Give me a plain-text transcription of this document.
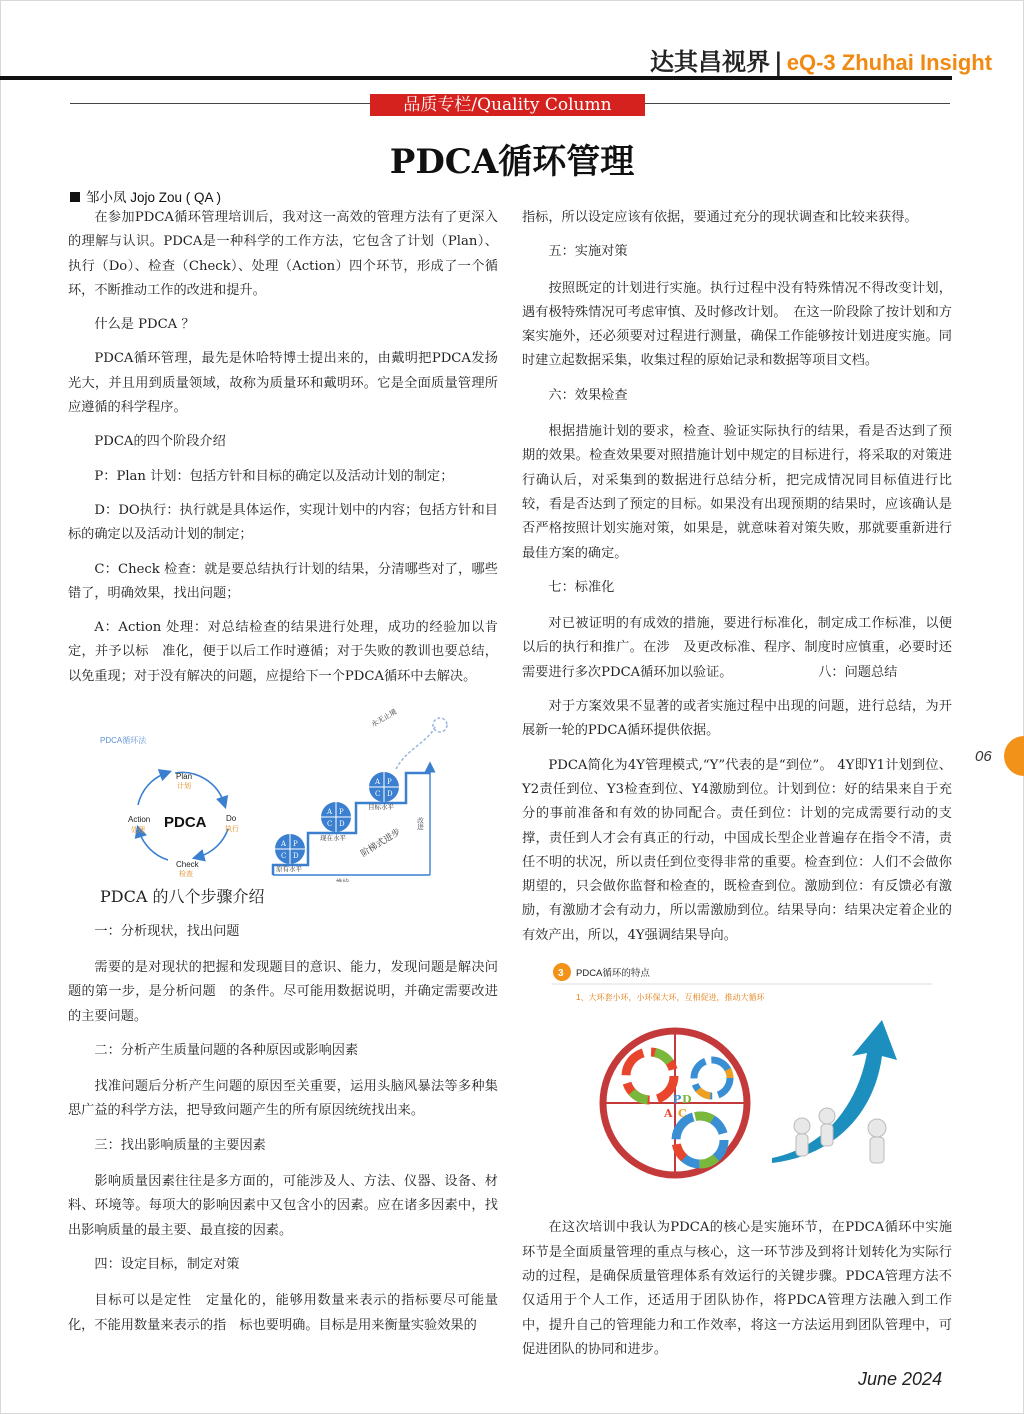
达其昌视界 | eQ-3 Zhuhai Insight
品质专栏/Quality Column
PDCA循环管理
邹小凤 Jojo Zou ( QA )

在参加PDCA循环管理培训后，我对这一高效的管理方法有了更深入的理解与认识。PDCA是一种科学的工作方法，它包含了计划（Plan）、执行（Do）、检查（Check）、处理（Action）四个环节，形成了一个循环，不断推动工作的改进和提升。

什么是 PDCA ？

PDCA循环管理，最先是休哈特博士提出来的，由戴明把PDCA发扬光大，并且用到质量领域，故称为质量环和戴明环。它是全面质量管理所应遵循的科学程序。

PDCA的四个阶段介绍

P：Plan 计划：包括方针和目标的确定以及活动计划的制定；

D：DO执行：执行就是具体运作，实现计划中的内容；包括方针和目标的确定以及活动计划的制定；

C：Check 检查：就是要总结执行计划的结果，分清哪些对了，哪些错了，明确效果，找出问题；

A：Action 处理：对总结检查的结果进行处理，成功的经验加以肯定，并予以标　准化，便于以后工作时遵循；对于失败的教训也要总结，以免重现；对于没有解决的问题，应提给下一个PDCA循环中去解决。

PDCA循环法
PDCA
Plan
计划
Do
执行
Check
检查
Action
处理
A P
C D
A P
C D
A P
C D
永无止境
目标水平
现在水平
原有水平
阶梯式进步
改进
维持

PDCA 的八个步骤介绍

一：分析现状，找出问题

需要的是对现状的把握和发现题目的意识、能力，发现问题是解决问题的第一步，是分析问题　的条件。尽可能用数据说明，并确定需要改进的主要问题。

二：分析产生质量问题的各种原因或影响因素

找准问题后分析产生问题的原因至关重要，运用头脑风暴法等多种集思广益的科学方法，把导致问题产生的所有原因统统找出来。

三：找出影响质量的主要因素

影响质量因素往往是多方面的，可能涉及人、方法、仪器、设备、材料、环境等。每项大的影响因素中又包含小的因素。应在诸多因素中，找出影响质量的最主要、最直接的因素。

四：设定目标，制定对策

目标可以是定性　定量化的，能够用数量来表示的指标要尽可能量化，不能用数量来表示的指　标也要明确。目标是用来衡量实验效果的

指标，所以设定应该有依据，要通过充分的现状调查和比较来获得。

五：实施对策

按照既定的计划进行实施。执行过程中没有特殊情况不得改变计划，遇有极特殊情况可考虑审慎、及时修改计划。　在这一阶段除了按计划和方案实施外，还必须要对过程进行测量，确保工作能够按计划进度实施。同时建立起数据采集，收集过程的原始记录和数据等项目文档。

六：效果检查

根据措施计划的要求，检查、验证实际执行的结果，看是否达到了预期的效果。检查效果要对照措施计划中规定的目标进行，将采取的对策进行确认后，对采集到的数据进行总结分析，把完成情况同目标值进行比较，看是否达到了预定的目标。如果没有出现预期的结果时，应该确认是否严格按照计划实施对策，如果是，就意味着对策失败，那就要重新进行最佳方案的确定。

七：标准化

对已被证明的有成效的措施，要进行标准化，制定成工作标准，以便以后的执行和推广。在涉　及更改标准、程序、制度时应慎重，必要时还需要进行多次PDCA循环加以验证。　　　　　　　八：问题总结

对于方案效果不显著的或者实施过程中出现的问题，进行总结，为开展新一轮的PDCA循环提供依据。

PDCA简化为4Y管理模式,“Y”代表的是“到位”。 4Y即Y1计划到位、Y2责任到位、Y3检查到位、Y4激励到位。计划到位：好的结果来自于充分的事前准备和有效的协同配合。责任到位：计划的完成需要行动的支撑，责任到人才会有真正的行动，中国成长型企业普遍存在指令不清，责任不明的状况，所以责任到位变得非常的重要。检查到位：人们不会做你期望的，只会做你监督和检查的，既检查到位。激励到位：有反馈必有激励，有激励才会有动力，所以需激励到位。结果导向：结果决定着企业的有效产出，所以，4Y强调结果导向。

3 PDCA循环的特点
1、大环套小环，小环保大环，互相促进，推动大循环
P D
A C

在这次培训中我认为PDCA的核心是实施环节，在PDCA循环中实施环节是全面质量管理的重点与核心，这一环节涉及到将计划转化为实际行动的过程，是确保质量管理体系有效运行的关键步骤。PDCA管理方法不仅适用于个人工作，还适用于团队协作，将PDCA管理方法融入到工作中，提升自己的管理能力和工作效率，将这一方法运用到团队管理中，可促进团队的协同和进步。

06
June 2024
